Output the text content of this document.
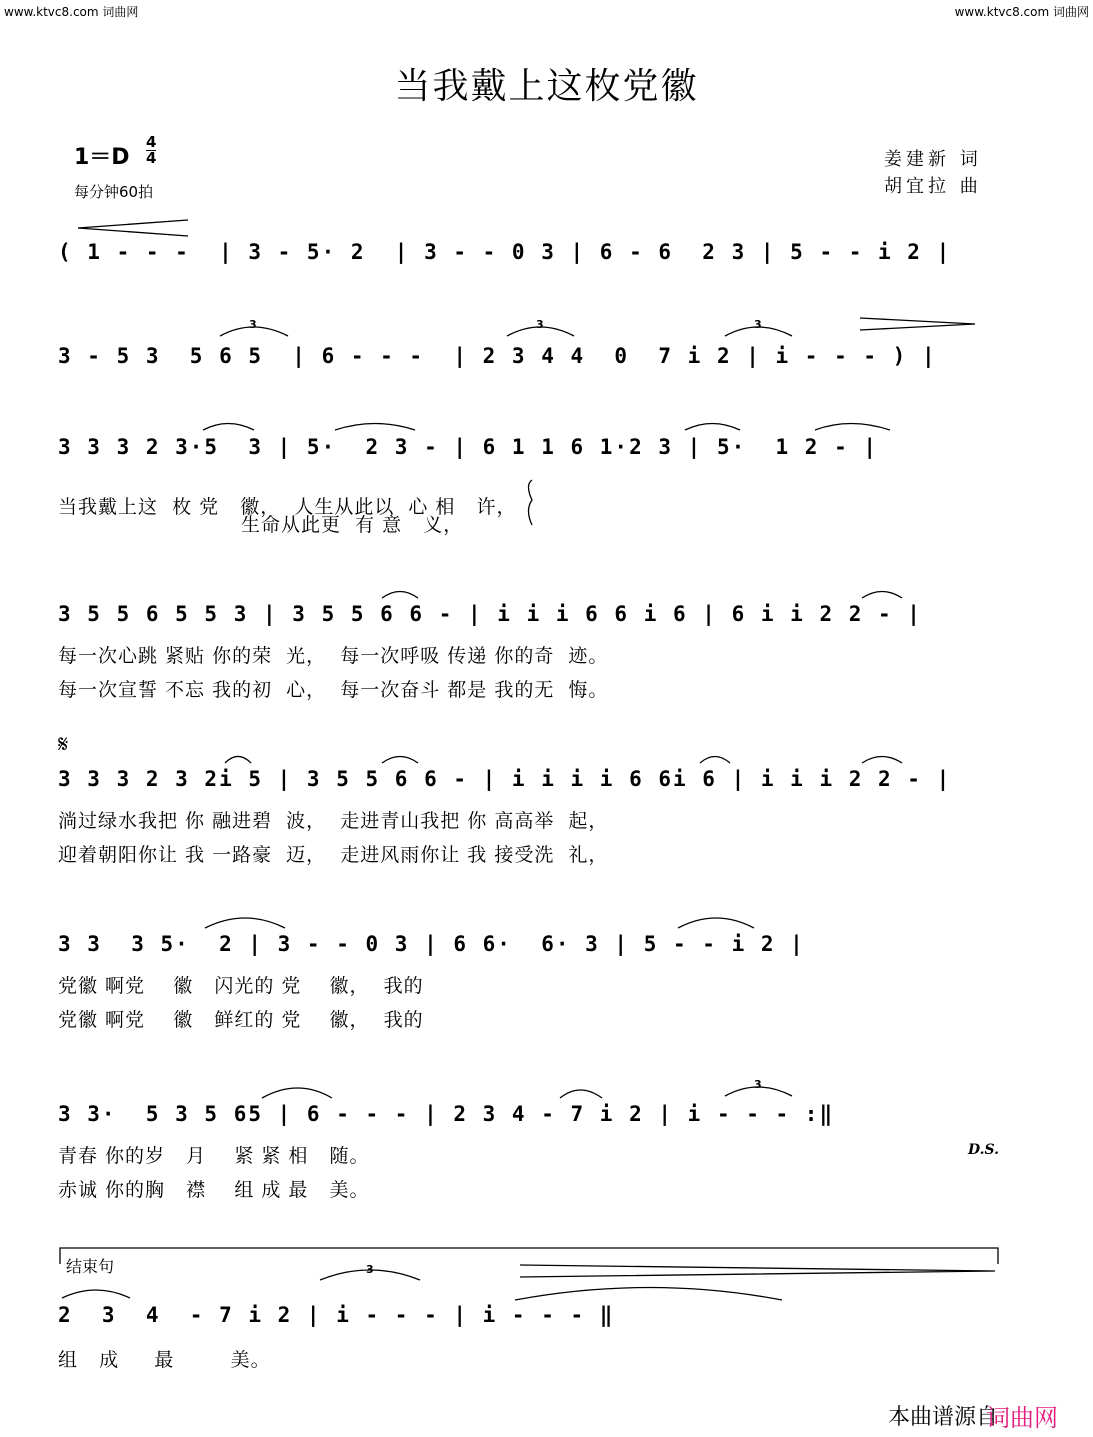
www.ktvc8.com 词曲网	www.ktvc8.com 词曲网
当我戴上这枚党徽
1＝D
4
4
每分钟60拍
姜建新 词
胡宜拉 曲
( 1 - - -  | 3 - 5· 2  | 3 - - 0 3 | 6 - 6  2 3 | 5 - - i 2 |
3 - 5 3  5 6 5  | 6 - - -  | 2 3 4 4  0  7 i 2 | i - - - ) |
3 3 3 2 3·5  3 | 5·  2 3 - | 6 1 1 6 1·2 3 | 5·  1 2 - |
当我戴上这  枚 党   徽，  人生从此以  心 相   许，
生命从此更  有 意   义，
3 5 5 6 5 5 3 | 3 5 5 6 6 - | i i i 6 6 i 6 | 6 i i 2 2 - |
每一次心跳 紧贴 你的荣  光，  每一次呼吸 传递 你的奇  迹。
每一次宣誓 不忘 我的初  心，  每一次奋斗 都是 我的无  悔。
𝄋
3 3 3 2 3 2i 5 | 3 5 5 6 6 - | i i i i 6 6i 6 | i i i 2 2 - |
淌过绿水我把 你 融进碧  波，  走进青山我把 你 高高举  起，
迎着朝阳你让 我 一路豪  迈，  走进风雨你让 我 接受洗  礼，
3 3  3 5·  2 | 3 - - 0 3 | 6 6·  6· 3 | 5 - - i 2 |
党徽 啊党    徽   闪光的 党    徽，  我的
党徽 啊党    徽   鲜红的 党    徽，  我的
3 3·  5 3 5 65 | 6 - - - | 2 3 4 - 7 i 2 | i - - - :‖
青春 你的岁   月    紧 紧 相   随。
赤诚 你的胸   襟    组 成 最   美。
D.S.
结束句
2  3  4  - 7 i 2 | i - - - | i - - - ‖
组   成     最        美。
本曲谱源自
词曲网
3	3	3
3
3
